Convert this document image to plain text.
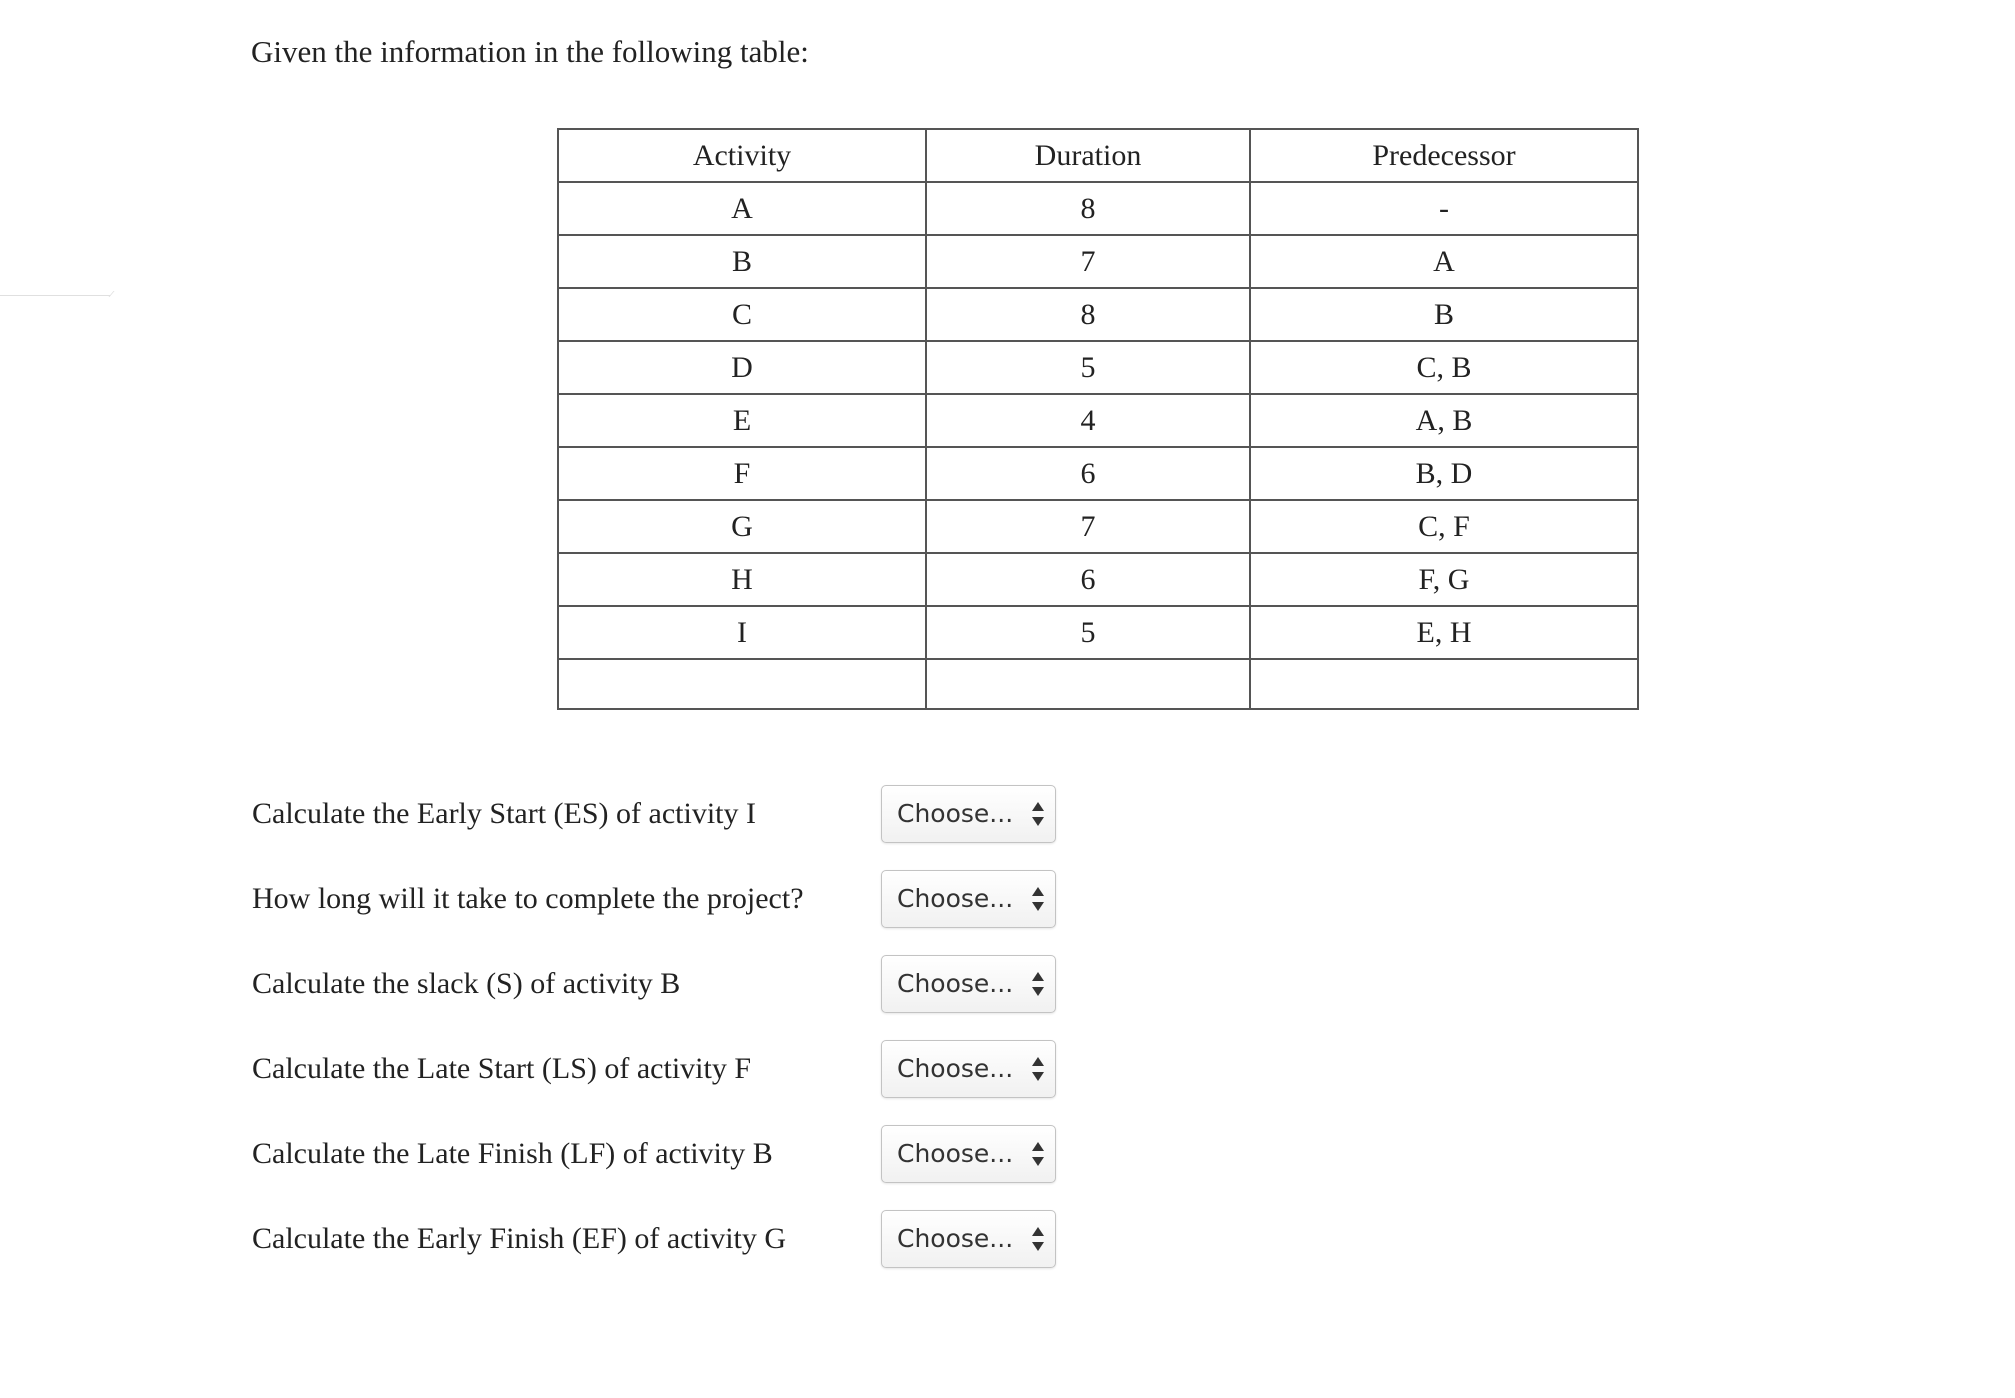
Given the information in the following table:
Activity	Duration	Predecessor
A	8	-
B	7	A
C	8	B
D	5	C, B
E	4	A, B
F	6	B, D
G	7	C, F
H	6	F, G
I	5	E, H

Calculate the Early Start (ES) of activity I	Choose...
How long will it take to complete the project?	Choose...
Calculate the slack (S) of activity B	Choose...
Calculate the Late Start (LS) of activity F	Choose...
Calculate the Late Finish (LF) of activity B	Choose...
Calculate the Early Finish (EF) of activity G	Choose...
